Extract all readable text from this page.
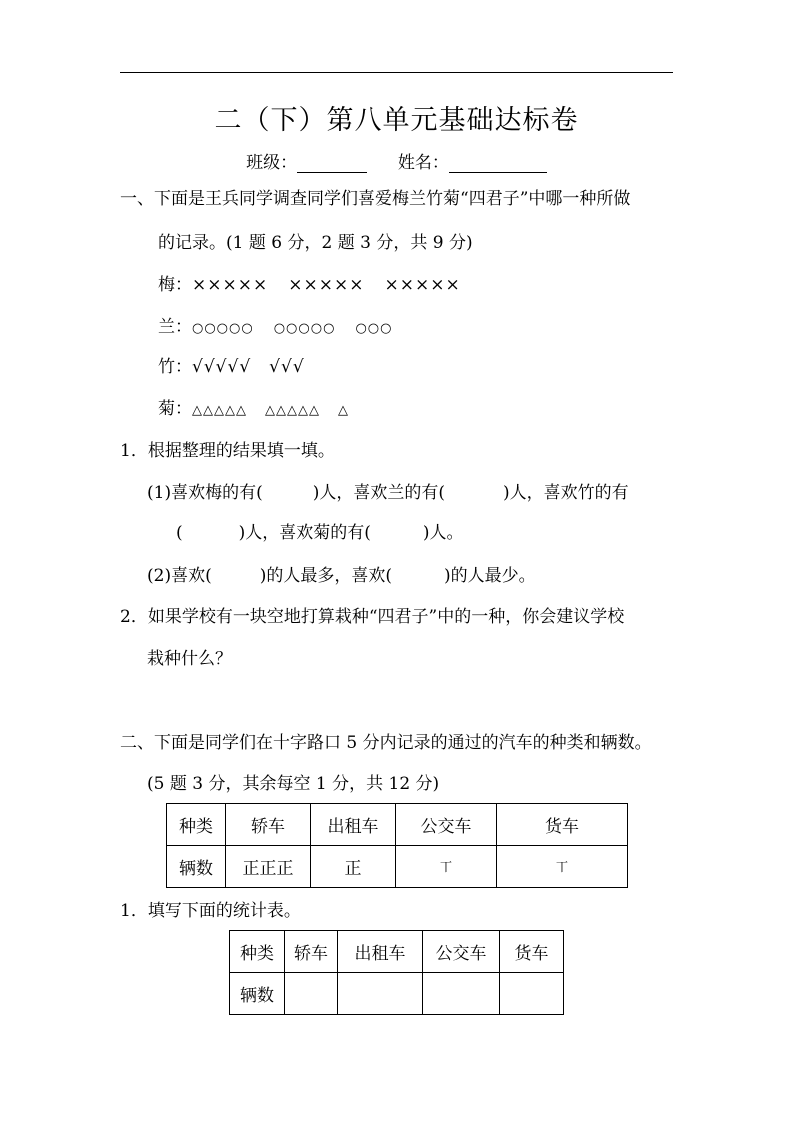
二（下）第八单元基础达标卷
班级：	姓名：
一、下面是王兵同学调查同学们喜爱梅兰竹菊“四君子”中哪一种所做
的记录。(1 题 6 分，2 题 3 分，共 9 分)
梅：××××× ××××× ×××××
兰：○○○○○ ○○○○○ ○○○
竹：√√√√√ √√√
菊：△△△△△ △△△△△ △
1．根据整理的结果填一填。
(1)喜欢梅的有(	)人，喜欢兰的有(	)人，喜欢竹的有
(	)人，喜欢菊的有(	)人。
(2)喜欢(	)的人最多，喜欢(	)的人最少。
2．如果学校有一块空地打算栽种“四君子”中的一种，你会建议学校
栽种什么？
二、下面是同学们在十字路口 5 分内记录的通过的汽车的种类和辆数。
(5 题 3 分，其余每空 1 分，共 12 分)
种类	轿车	出租车	公交车	货车
辆数	正正正	正	丅	丅
1．填写下面的统计表。
种类	轿车	出租车	公交车	货车
辆数				
